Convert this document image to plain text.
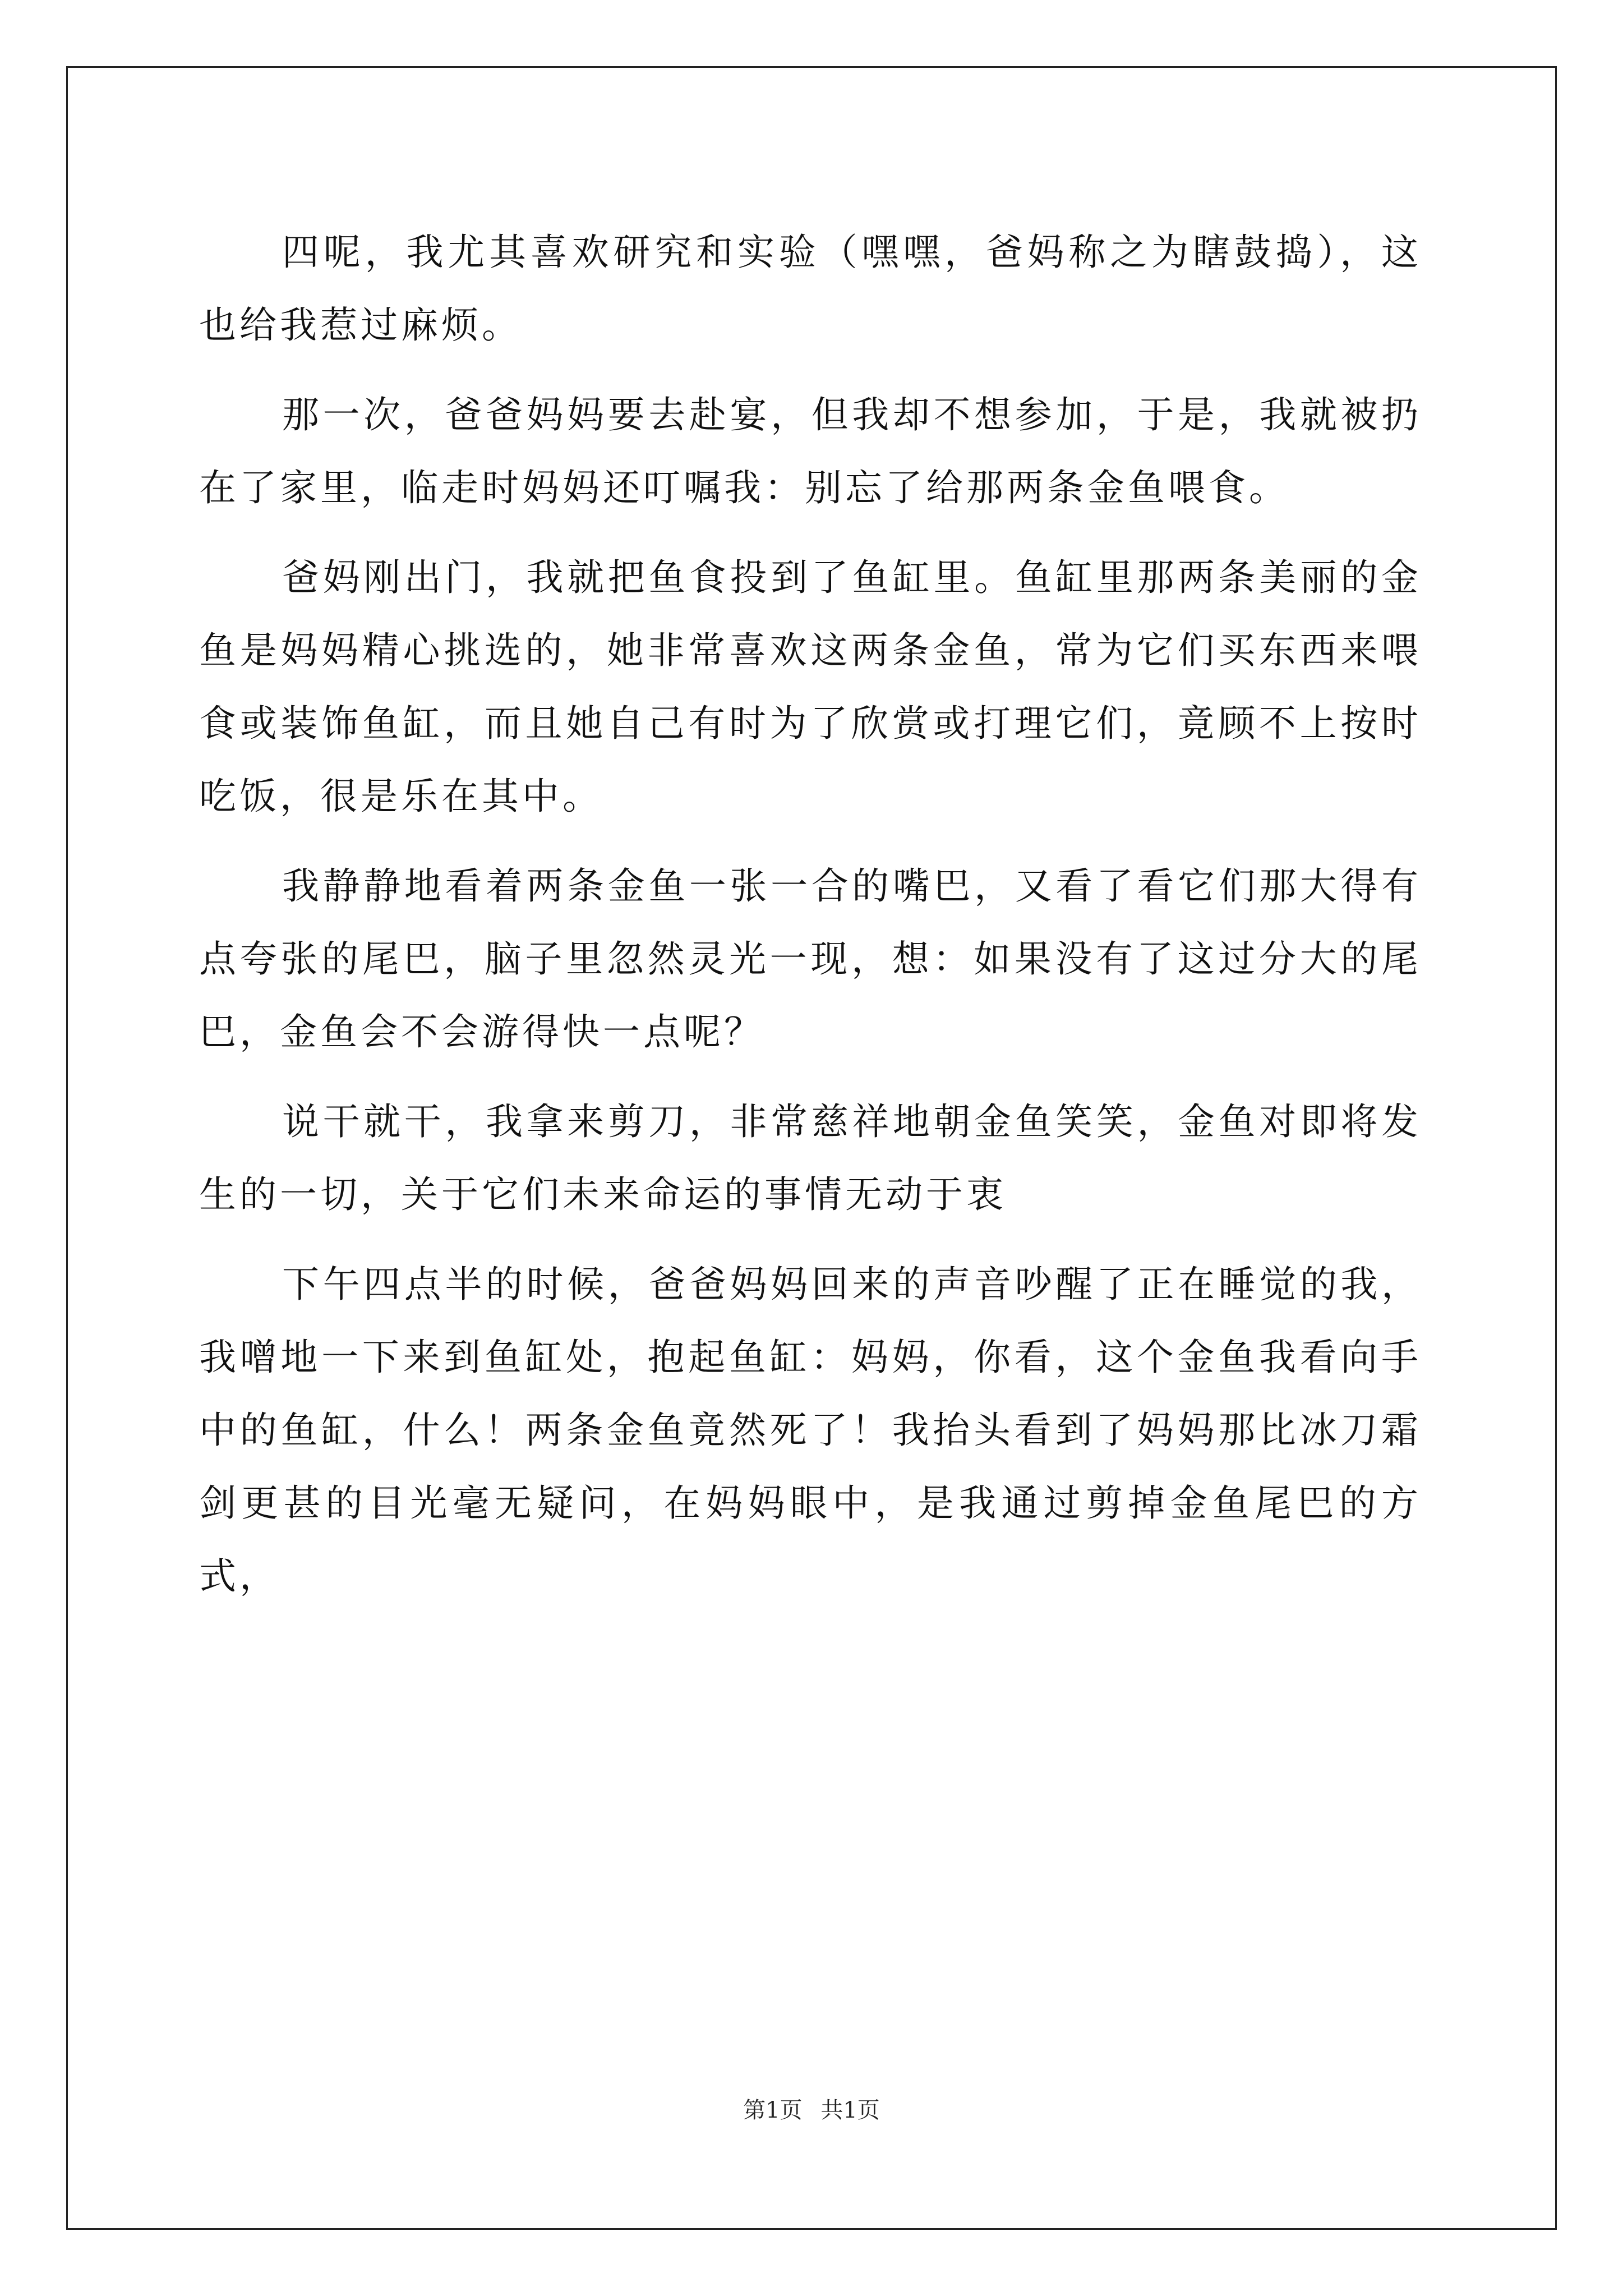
四呢，我尤其喜欢研究和实验（嘿嘿，爸妈称之为瞎鼓捣），这也给我惹过麻烦。

那一次，爸爸妈妈要去赴宴，但我却不想参加，于是，我就被扔在了家里，临走时妈妈还叮嘱我：别忘了给那两条金鱼喂食。

爸妈刚出门，我就把鱼食投到了鱼缸里。鱼缸里那两条美丽的金鱼是妈妈精心挑选的，她非常喜欢这两条金鱼，常为它们买东西来喂食或装饰鱼缸，而且她自己有时为了欣赏或打理它们，竟顾不上按时吃饭，很是乐在其中。

我静静地看着两条金鱼一张一合的嘴巴，又看了看它们那大得有点夸张的尾巴，脑子里忽然灵光一现，想：如果没有了这过分大的尾巴，金鱼会不会游得快一点呢？

说干就干，我拿来剪刀，非常慈祥地朝金鱼笑笑，金鱼对即将发生的一切，关于它们未来命运的事情无动于衷

下午四点半的时候，爸爸妈妈回来的声音吵醒了正在睡觉的我，我噌地一下来到鱼缸处，抱起鱼缸：妈妈，你看，这个金鱼我看向手中的鱼缸，什么！两条金鱼竟然死了！我抬头看到了妈妈那比冰刀霜剑更甚的目光毫无疑问，在妈妈眼中，是我通过剪掉金鱼尾巴的方式，

第1页 共1页
